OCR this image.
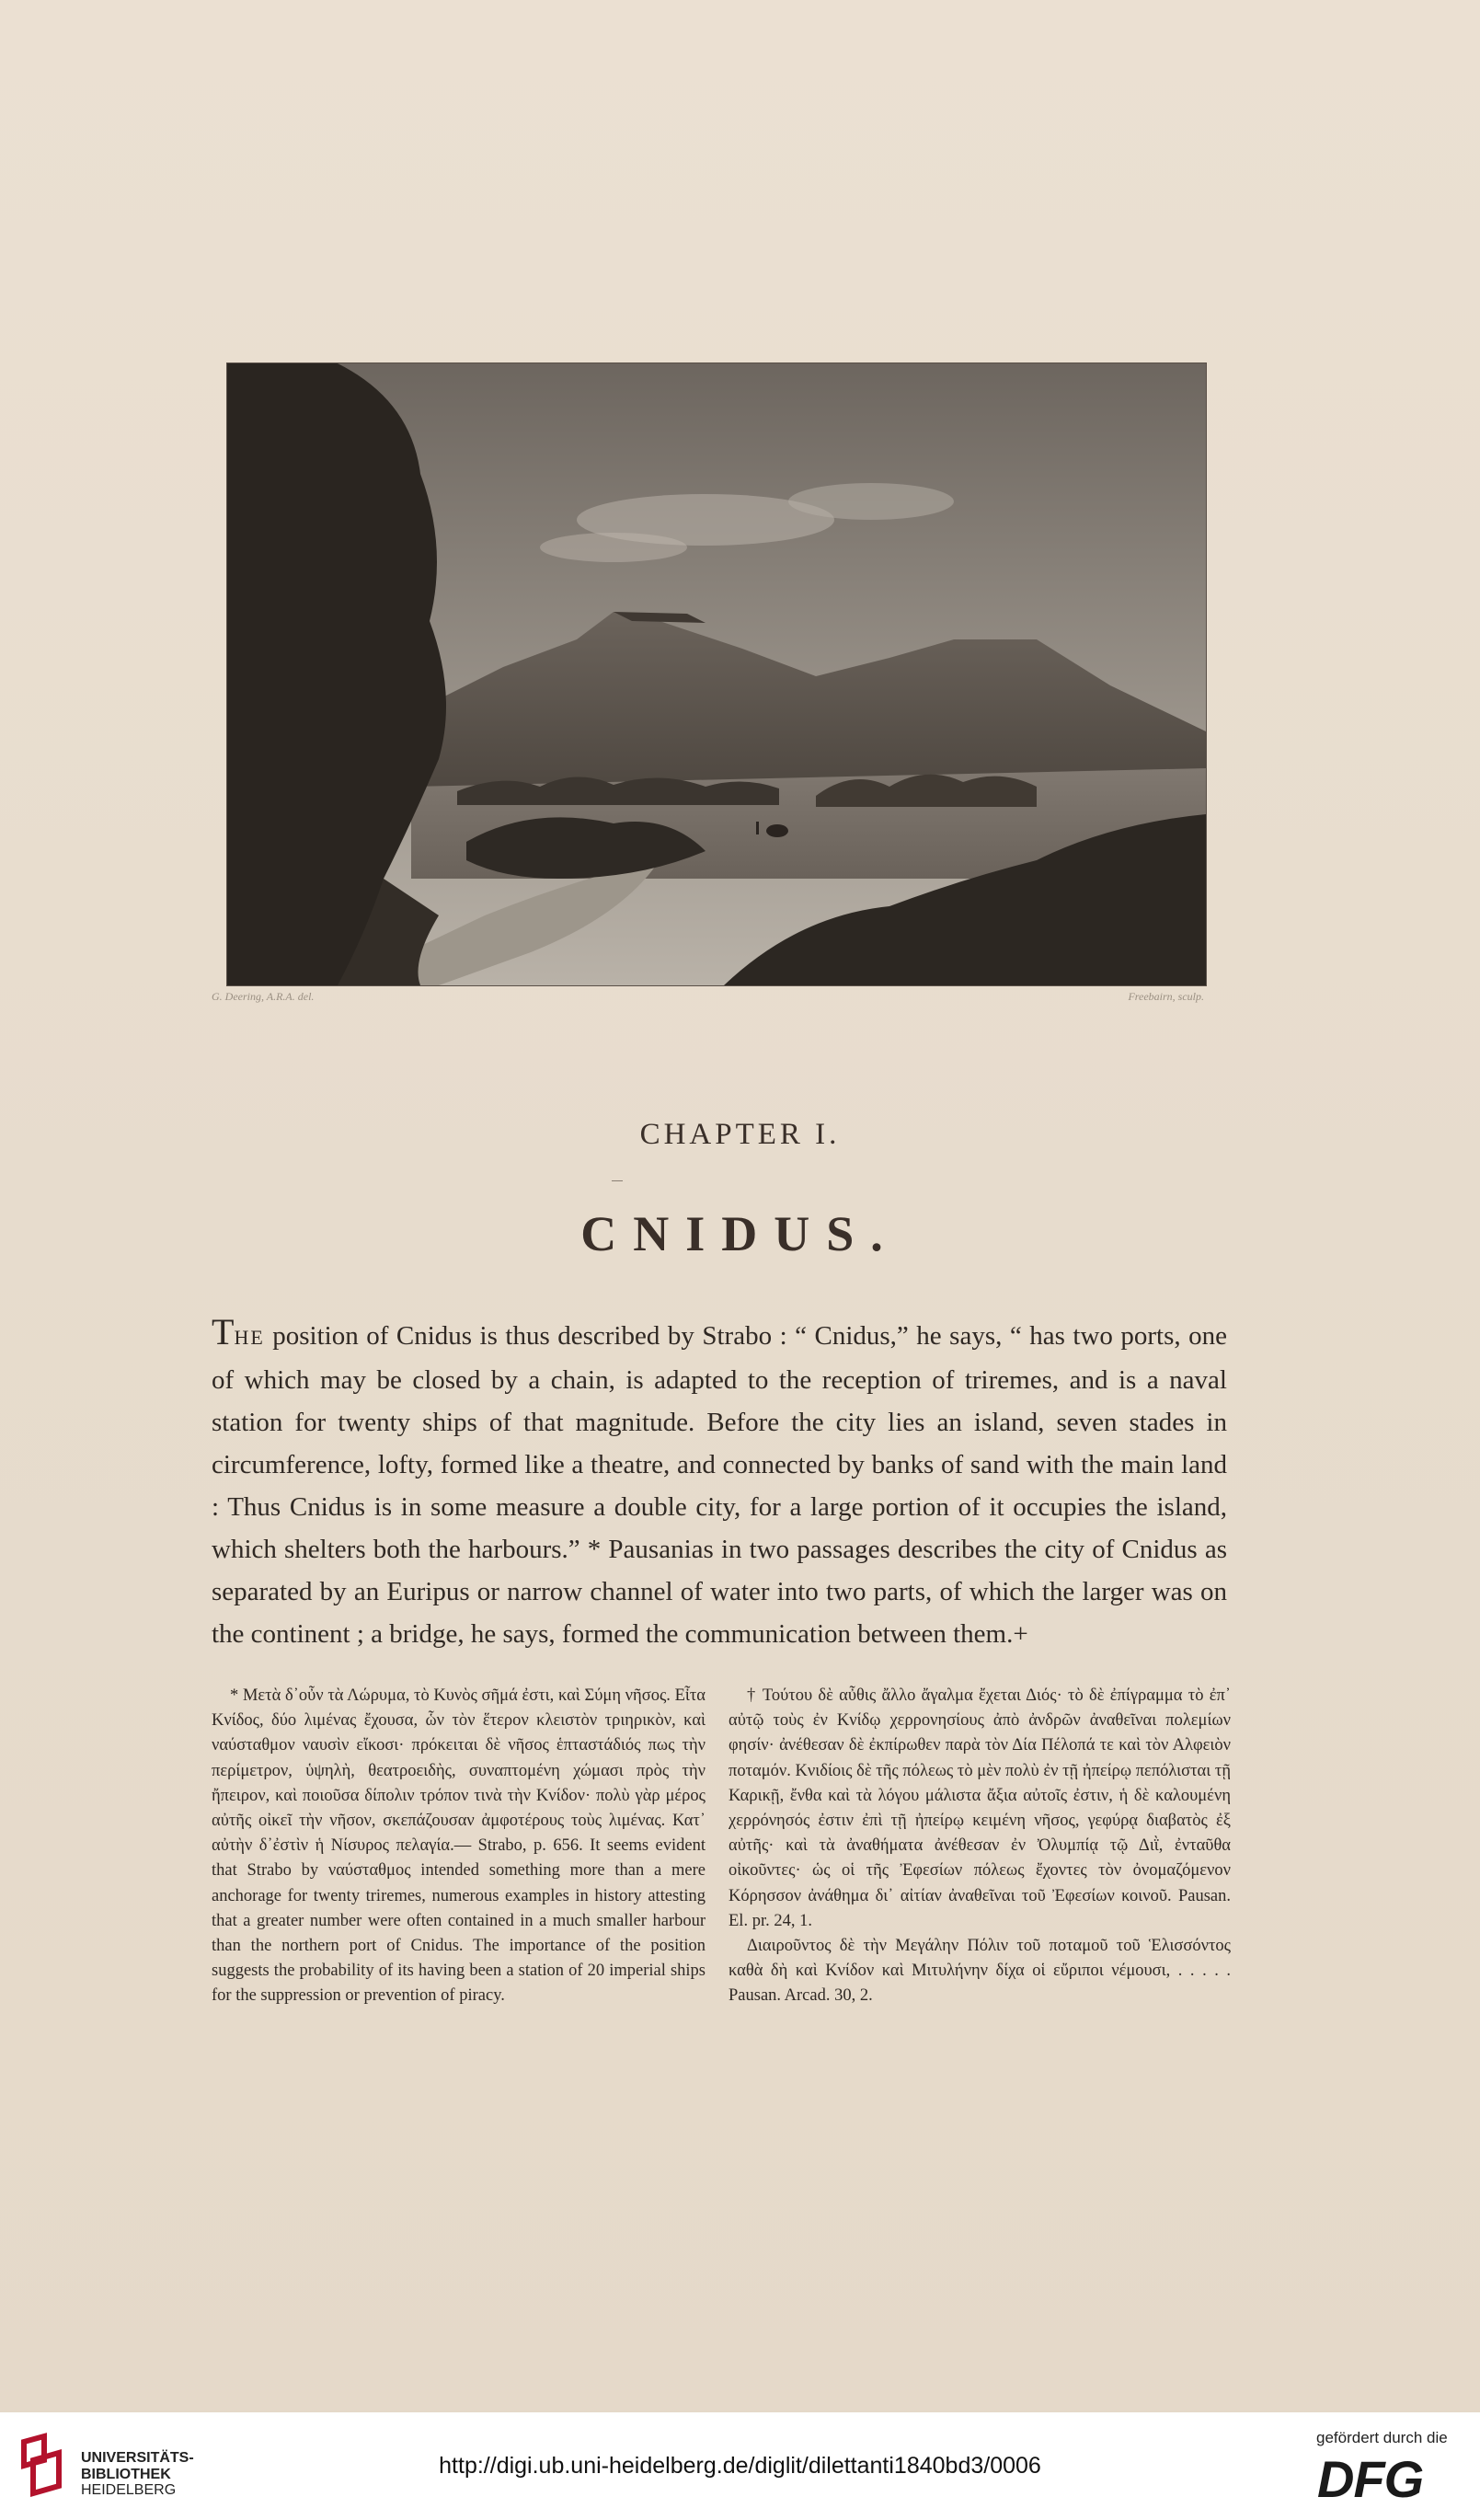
G. Deering, A.R.A. del.	Freebairn, sculp.
CHAPTER I.
CNIDUS.
THE position of Cnidus is thus described by Strabo : “ Cnidus,” he says, “ has two ports, one of which may be closed by a chain, is adapted to the reception of triremes, and is a naval station for twenty ships of that magnitude. Before the city lies an island, seven stades in circumference, lofty, formed like a theatre, and connected by banks of sand with the main land : Thus Cnidus is in some measure a double city, for a large portion of it occupies the island, which shelters both the harbours.” * Pausanias in two passages describes the city of Cnidus as separated by an Euripus or narrow channel of water into two parts, of which the larger was on the continent ; a bridge, he says, formed the communication between them.+

* Μετὰ δ᾽οὖν τὰ Λώρυμα, τὸ Κυνὸς σῆμά ἐστι, καὶ Σύμη νῆσος. Εἶτα Κνίδος, δύο λιμένας ἔχουσα, ὧν τὸν ἕτερον κλειστὸν τριηρικὸν, καὶ ναύσταθμον ναυσὶν εἴκοσι· πρόκειται δὲ νῆσος ἑπταστάδιός πως τὴν περίμετρον, ὑψηλὴ, θεατροειδὴς, συναπτομένη χώμασι πρὸς τὴν ἤπειρον, καὶ ποιοῦσα δίπολιν τρόπον τινὰ τὴν Κνίδον· πολὺ γὰρ μέρος αὐτῆς οἰκεῖ τὴν νῆσον, σκεπάζουσαν ἀμφοτέρους τοὺς λιμένας. Κατ᾽ αὐτὴν δ᾽ἐστὶν ἡ Νίσυρος πελαγία.— Strabo, p. 656. It seems evident that Strabo by ναύσταθμος intended something more than a mere anchorage for twenty triremes, numerous examples in history attesting that a greater number were often contained in a much smaller harbour than the northern port of Cnidus. The importance of the position suggests the probability of its having been a station of 20 imperial ships for the suppression or prevention of piracy.

† Τούτου δὲ αὖθις ἄλλο ἄγαλμα ἔχεται Διός· τὸ δὲ ἐπίγραμμα τὸ ἐπ᾽ αὐτῷ τοὺς ἐν Κνίδῳ χερρονησίους ἀπὸ ἀνδρῶν ἀναθεῖναι πολεμίων φησίν· ἀνέθεσαν δὲ ἐκπίρωθεν παρὰ τὸν Δία Πέλοπά τε καὶ τὸν Αλφειὸν ποταμόν. Κνιδίοις δὲ τῆς πόλεως τὸ μὲν πολὺ ἐν τῇ ἠπείρῳ πεπόλισται τῇ Καρικῇ, ἔνθα καὶ τὰ λόγου μάλιστα ἄξια αὐτοῖς ἐστιν, ἡ δὲ καλουμένη χερρόνησός ἐστιν ἐπὶ τῇ ἠπείρῳ κειμένη νῆσος, γεφύρᾳ διαβατὸς ἐξ αὐτῆς· καὶ τὰ ἀναθήματα ἀνέθεσαν ἐν Ὀλυμπίᾳ τῷ Διῒ, ἐνταῦθα οἰκοῦντες· ὡς οἱ τῆς Ἐφεσίων πόλεως ἔχοντες τὸν ὀνομαζόμενον Κόρησσον ἀνάθημα δι᾽ αἰτίαν ἀναθεῖναι τοῦ Ἐφεσίων κοινοῦ. Pausan. El. pr. 24, 1.

Διαιροῦντος δὲ τὴν Μεγάλην Πόλιν τοῦ ποταμοῦ τοῦ Ἑλισσόντος καθὰ δὴ καὶ Κνίδον καὶ Μιτυλήνην δίχα οἱ εὔριποι νέμουσι, . . . . . Pausan. Arcad. 30, 2.

UNIVERSITÄTS-
BIBLIOTHEK
HEIDELBERG
http://digi.ub.uni-heidelberg.de/diglit/dilettanti1840bd3/0006
gefördert durch die
DFG
